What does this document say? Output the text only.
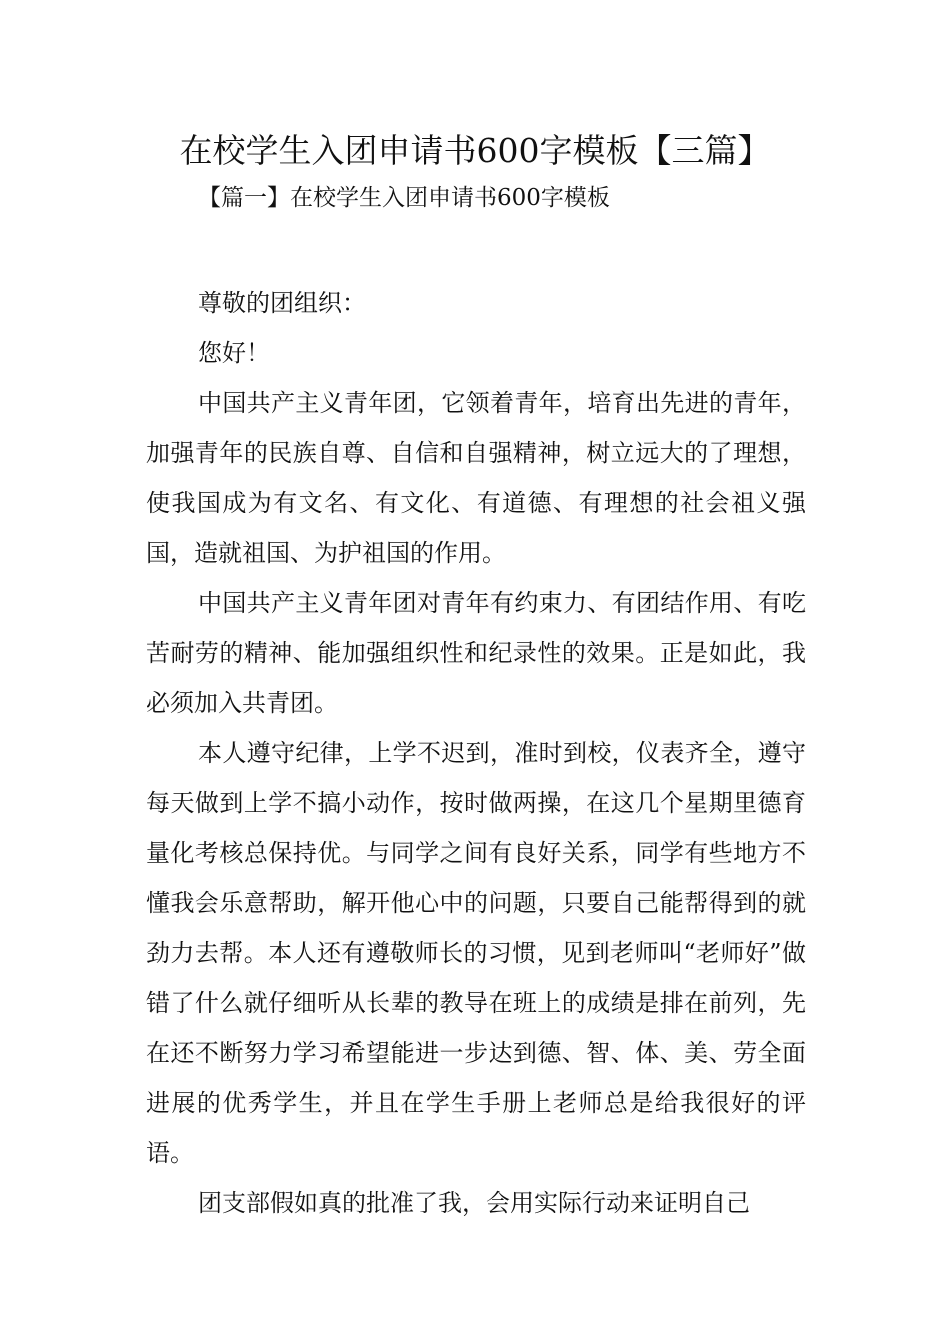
在校学生入团申请书600字模板【三篇】
【篇一】在校学生入团申请书600字模板

尊敬的团组织：

您好！

中国共产主义青年团，它领着青年，培育出先进的青年，加强青年的民族自尊、自信和自强精神，树立远大的了理想，使我国成为有文名、有文化、有道德、有理想的社会祖义强国，造就祖国、为护祖国的作用。

中国共产主义青年团对青年有约束力、有团结作用、有吃苦耐劳的精神、能加强组织性和纪录性的效果。正是如此，我必须加入共青团。

本人遵守纪律，上学不迟到，准时到校，仪表齐全，遵守每天做到上学不搞小动作，按时做两操，在这几个星期里德育量化考核总保持优。与同学之间有良好关系，同学有些地方不懂我会乐意帮助，解开他心中的问题，只要自己能帮得到的就劲力去帮。本人还有遵敬师长的习惯，见到老师叫“老师好”做错了什么就仔细听从长辈的教导在班上的成绩是排在前列，先在还不断努力学习希望能进一步达到德、智、体、美、劳全面进展的优秀学生，并且在学生手册上老师总是给我很好的评语。

团支部假如真的批准了我，会用实际行动来证明自己
